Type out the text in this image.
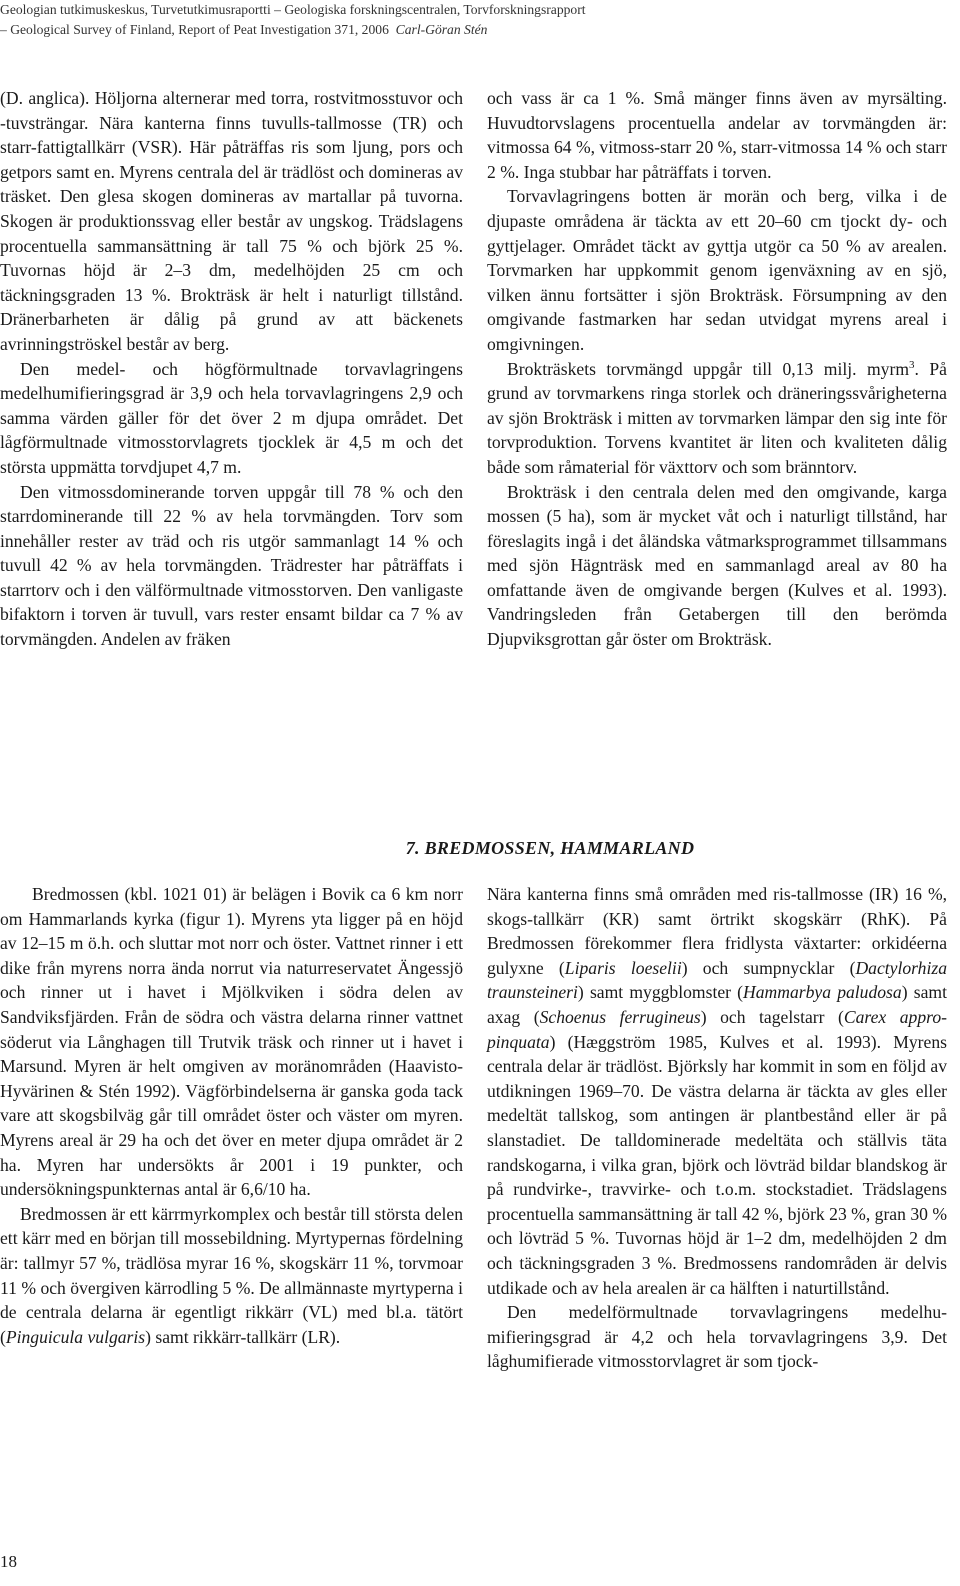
Geologian tutkimuskeskus, Turvetutkimusraportti – Geologiska forskningscentralen, Torvforskningsrapport
– Geological Survey of Finland, Report of Peat Investigation 371, 2006 Carl-Göran Stén

(D. anglica). Höljorna alternerar med torra, rostvitmosstuvor och -tuvsträngar. Nära kanterna finns tuvulls-tallmosse (TR) och starr-fattigtallkärr (VSR). Här påträffas ris som ljung, pors och getpors samt en. Myrens centrala del är trädlöst och domineras av träsket. Den glesa skogen domineras av martallar på tuvorna. Skogen är produktionssvag eller består av ungskog. Trädslagens procentuella sammansättning är tall 75 % och björk 25 %. Tuvornas höjd är 2–3 dm, medelhöjden 25 cm och täckningsgraden 13 %. Brokträsk är helt i naturligt tillstånd. Dränerbarheten är dålig på grund av att bäckenets avrinningströskel består av berg.

Den medel- och högförmultnade torvavlagringens medelhumifieringsgrad är 3,9 och hela torvavlagringens 2,9 och samma värden gäller för det över 2 m djupa området. Det lågförmultnade vitmosstorvlagrets tjocklek är 4,5 m och det största uppmätta torvdjupet 4,7 m.

Den vitmossdominerande torven uppgår till 78 % och den starrdominerande till 22 % av hela torvmängden. Torv som innehåller rester av träd och ris utgör sammanlagt 14 % och tuvull 42 % av hela torvmängden. Trädrester har påträffats i starrtorv och i den välförmultnade vitmosstorven. Den vanligaste bifaktorn i torven är tuvull, vars rester ensamt bildar ca 7 % av torvmängden. Andelen av fräken

och vass är ca 1 %. Små mänger finns även av myrsälting. Huvudtorvslagens procentuella andelar av torvmängden är: vitmossa 64 %, vitmoss-starr 20 %, starr-vitmossa 14 % och starr 2 %. Inga stubbar har påträffats i torven.

Torvavlagringens botten är morän och berg, vilka i de djupaste områdena är täckta av ett 20–60 cm tjockt dy- och gyttjelager. Området täckt av gyttja utgör ca 50 % av arealen. Torvmarken har uppkommit genom igenväxning av en sjö, vilken ännu fortsätter i sjön Brokträsk. Försumpning av den omgivande fastmarken har sedan utvidgat myrens areal i omgivningen.

Brokträskets torvmängd uppgår till 0,13 milj. myrm$^3$. På grund av torvmarkens ringa storlek och dräneringssvårigheterna av sjön Brokträsk i mitten av torvmarken lämpar den sig inte för torvproduktion. Torvens kvantitet är liten och kvaliteten dålig både som råmaterial för växttorv och som bränntorv.

Brokträsk i den centrala delen med den omgivande, karga mossen (5 ha), som är mycket våt och i naturligt tillstånd, har föreslagits ingå i det åländska våtmarksprogrammet tillsammans med sjön Hägnträsk med en sammanlagd areal av 80 ha omfattande även de omgivande bergen (Kulves et al. 1993). Vandringsleden från Getabergen till den berömda Djupviksgrottan går öster om Brokträsk.

7. BREDMOSSEN, HAMMARLAND

Bredmossen (kbl. 1021 01) är belägen i Bovik ca 6 km norr om Hammarlands kyrka (figur 1). Myrens yta ligger på en höjd av 12–15 m ö.h. och sluttar mot norr och öster. Vattnet rinner i ett dike från myrens norra ända norrut via naturreservatet Ängessjö och rinner ut i havet i Mjölkviken i södra delen av Sandviksfjärden. Från de södra och västra delarna rinner vattnet söderut via Långhagen till Trutvik träsk och rinner ut i havet i Marsund. Myren är helt omgiven av moränområden (Haavisto-Hyvärinen & Stén 1992). Vägförbindelserna är ganska goda tack vare att skogsbilväg går till området öster och väster om myren. Myrens areal är 29 ha och det över en meter djupa området är 2 ha. Myren har undersökts år 2001 i 19 punkter, och undersökningspunkternas antal är 6,6/10 ha.

Bredmossen är ett kärrmyrkomplex och består till största delen ett kärr med en början till mossebildning. Myrtypernas fördelning är: tallmyr 57 %, trädlösa myrar 16 %, skogskärr 11 %, torvmoar 11 % och övergiven kärrodling 5 %. De allmännaste myrtyperna i de centrala delarna är egentligt rikkärr (VL) med bl.a. tätört (Pinguicula vulgaris) samt rikkärr-tallkärr (LR).

Nära kanterna finns små områden med ris-tallmosse (IR) 16 %, skogs-tallkärr (KR) samt örtrikt skogskärr (RhK). På Bredmossen förekommer flera fridlysta växtarter: orkidéerna gulyxne (Liparis loeselii) och sumpnycklar (Dactylorhiza traunsteineri) samt myggblomster (Hammarbya paludosa) samt axag (Schoenus ferrugineus) och tagelstarr (Carex appropinquata) (Hæggström 1985, Kulves et al. 1993). Myrens centrala delar är trädlöst. Björksly har kommit in som en följd av utdikningen 1969–70. De västra delarna är täckta av gles eller medeltät tallskog, som antingen är plantbestånd eller är på slanstadiet. De talldominerade medeltäta och ställvis täta randskogarna, i vilka gran, björk och lövträd bildar blandskog är på rundvirke-, travvirke- och t.o.m. stockstadiet. Trädslagens procentuella sammansättning är tall 42 %, björk 23 %, gran 30 % och lövträd 5 %. Tuvornas höjd är 1–2 dm, medelhöjden 2 dm och täckningsgraden 3 %. Bredmossens randområden är delvis utdikade och av hela arealen är ca hälften i naturtillstånd.

Den medelförmultnade torvavlagringens medelhumifieringsgrad är 4,2 och hela torvavlagringens 3,9. Det låghumifierade vitmosstorvlagret är som tjock-

18
